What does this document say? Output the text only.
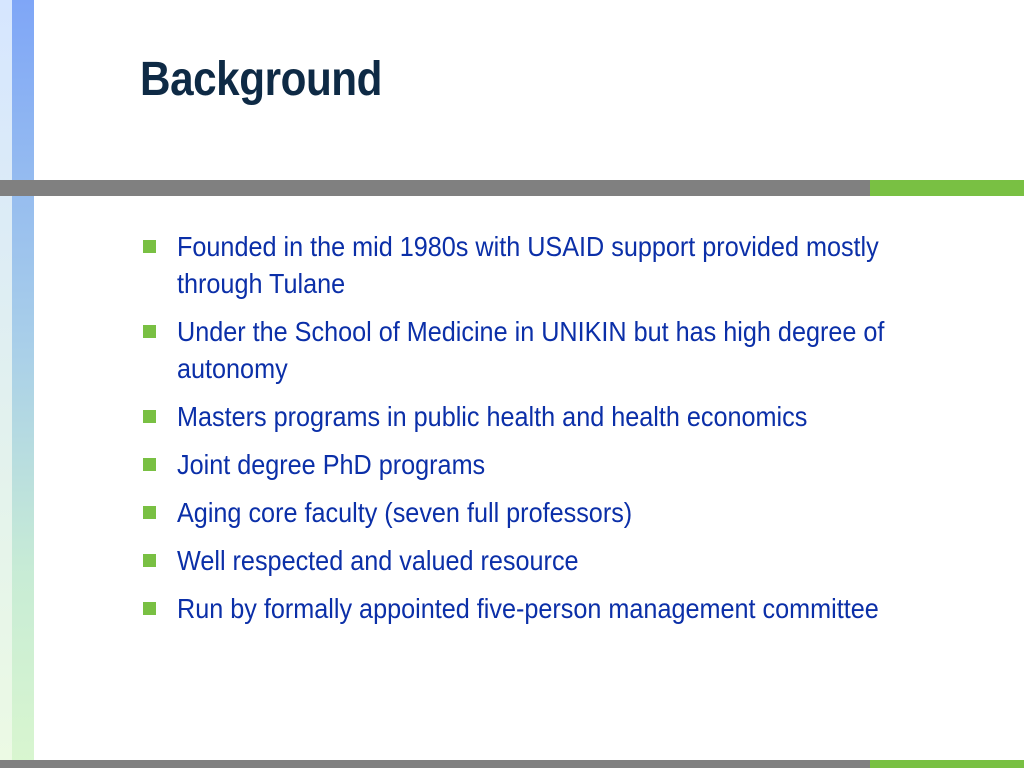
Background
Founded in the mid 1980s with USAID support provided mostly through Tulane
Under the School of Medicine in UNIKIN but has high degree of autonomy
Masters programs in public health and health economics
Joint degree PhD programs
Aging core faculty (seven full professors)
Well respected and valued resource
Run by formally appointed five-person management committee
